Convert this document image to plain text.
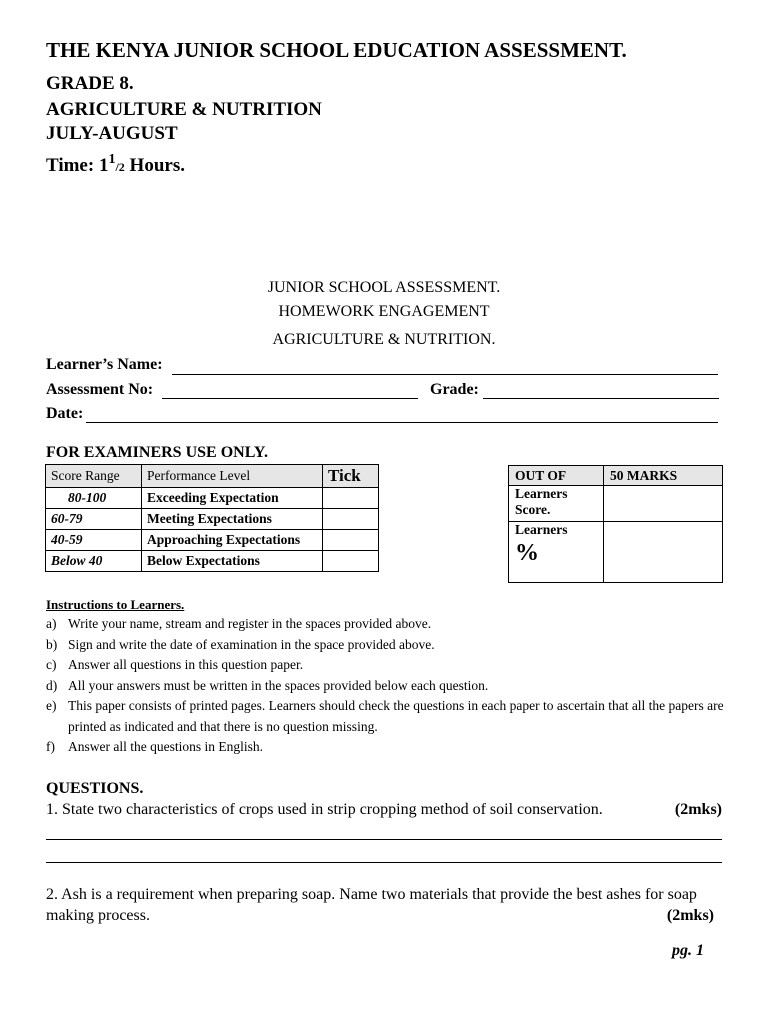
THE KENYA JUNIOR SCHOOL EDUCATION ASSESSMENT.
GRADE 8.
AGRICULTURE & NUTRITION
JULY-AUGUST
Time: $1^1/2$ Hours.
JUNIOR SCHOOL ASSESSMENT.
HOMEWORK ENGAGEMENT
AGRICULTURE & NUTRITION.
Learner’s Name:
Assessment No:	Grade:
Date:
FOR EXAMINERS USE ONLY.
Score Range	Performance Level	Tick
80-100	Exceeding Expectation	
60-79	Meeting Expectations	
40-59	Approaching Expectations	
Below 40	Below Expectations	
OUT OF	50 MARKS
Learners
Score.	
Learners
%	

Instructions to Learners.
a) Write your name, stream and register in the spaces provided above.
b) Sign and write the date of examination in the space provided above.
c) Answer all questions in this question paper.
d) All your answers must be written in the spaces provided below each question.
e) This paper consists of printed pages. Learners should check the questions in each paper to ascertain that all the papers are printed as indicated and that there is no question missing.
f) Answer all the questions in English.
QUESTIONS.
1. State two characteristics of crops used in strip cropping method of soil conservation.	(2mks)
2. Ash is a requirement when preparing soap. Name two materials that provide the best ashes for soap making process.	(2mks)
pg. 1
